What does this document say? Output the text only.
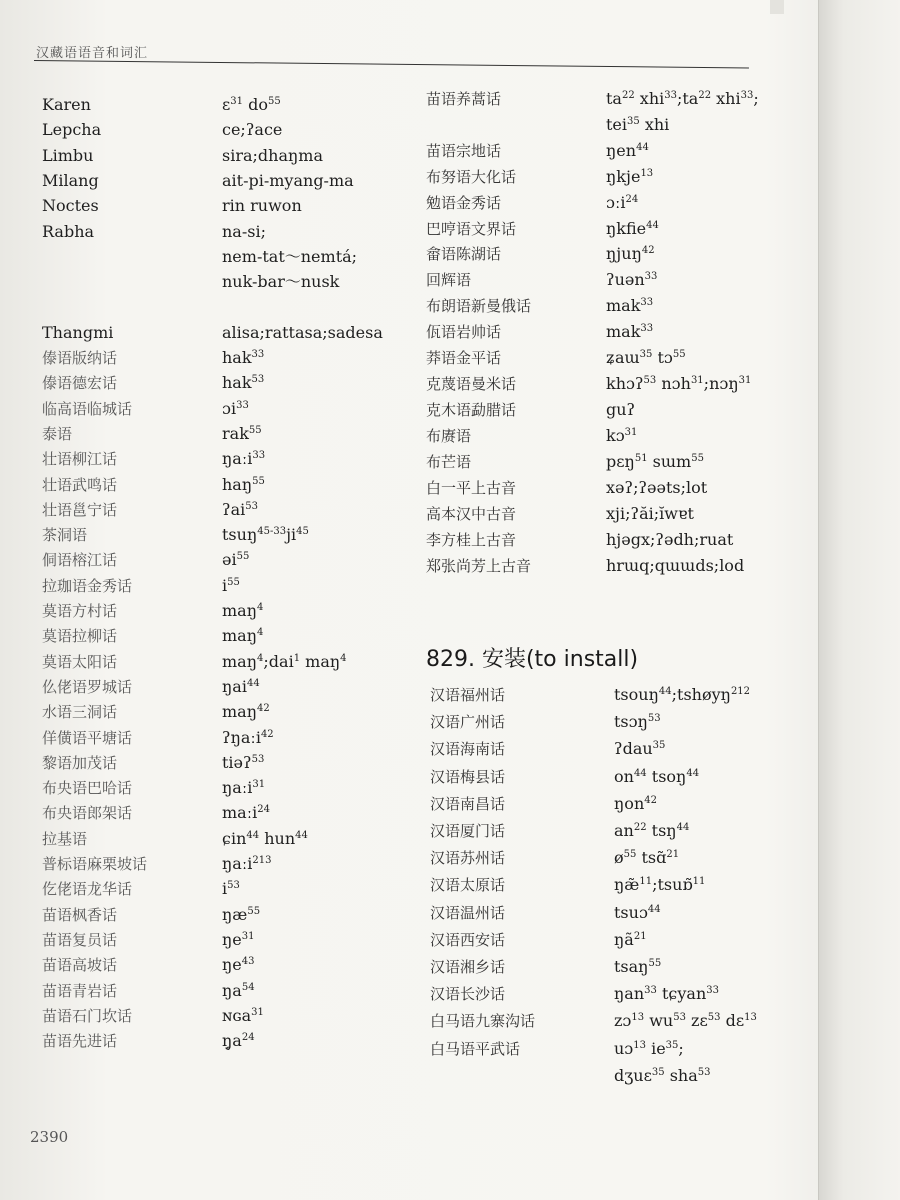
汉藏语语音和词汇
Karen	ɛ$^{31}$ $do^{55}$
Lepcha	ce;ʔace
Limbu	sira;dhaŋma
Milang	ait-pi-myang-ma
Noctes	rin ruwon
Rabha	na-si;
nem-tat～nemtá;
nuk-bar～nusk
Thangmi	alisa;rattasa;sadesa
傣语版纳话	hak$^{33}$
傣语德宏话	hak$^{53}$
临高语临城话	ɔi$^{33}$
泰语	rak$^{55}$
壮语柳江话	ŋaːi$^{33}$
壮语武鸣话	haŋ$^{55}$
壮语邕宁话	ʔai$^{53}$
茶洞语	$tsuŋ^{45-33}ji^{45}$
侗语榕江话	əi$^{55}$
拉珈语金秀话	$i^{55}$
莫语方村话	maŋ$^4$
莫语拉柳话	maŋ$^4$
莫语太阳话	maŋ$^4$;dai$^1$ maŋ$^4$
仫佬语罗城话	ŋai$^{44}$
水语三洞话	maŋ$^{42}$
佯僙语平塘话	ʔŋaːi$^{42}$
黎语加茂话	tiəʔ$^{53}$
布央语巴哈话	ŋaːi$^{31}$
布央语郎架话	maːi$^{24}$
拉基语	ɕin$^{44}$ hun$^{44}$
普标语麻栗坡话	ŋaːi$^{213}$
仡佬语龙华话	$i^{53}$
苗语枫香话	$ŋæ^{55}$
苗语复员话	$ŋe^{31}$
苗语高坡话	$ŋe^{43}$
苗语青岩话	$ŋa^{54}$
苗语石门坎话	ɴɢa$^{31}$
苗语先进话	$ŋ̥a^{24}$
苗语养蒿话	$ta^{22}$ $xhi^{33};ta^{22}$ xhi$^{33}$;
tei$^{35}$ xhi
苗语宗地话	ŋen$^{44}$
布努语大化话	ŋkje$^{13}$
勉语金秀话	ɔːi$^{24}$
巴哼语文界话	ŋkfie$^{44}$
畲语陈湖话	ŋjuŋ$^{42}$
回辉语	ʔuən$^{33}$
布朗语新曼俄话	mak$^{33}$
佤语岩帅话	mak$^{33}$
莽语金平话	ʑaɯ$^{35}$ tɔ$^{55}$
克蔑语曼米话	khɔʔ$^{53}$ nɔh$^{31}$;nɔŋ$^{31}$
克木语勐腊话	guʔ
布赓语	kɔ$^{31}$
布芒语	pɛŋ$^{51}$ sɯm$^{55}$
白一平上古音	xəʔ;ʔəəts;lot
高本汉中古音	xji;ʔăi;ĭwɐt
李方桂上古音	hjəgx;ʔədh;ruat
郑张尚芳上古音	hrɯq;qɯɯds;lod
829. 安装(to install)
汉语福州话	tsouŋ$^{44}$;tshøyŋ$^{212}$
汉语广州话	tsɔŋ$^{53}$
汉语海南话	ʔdau$^{35}$
汉语梅县话	$on^{44}$ tsoŋ$^{44}$
汉语南昌话	ŋon$^{42}$
汉语厦门话	$an^{22}$ tsŋ$^{44}$
汉语苏州话	$ø^{55}$ tsɑ̃$^{21}$
汉语太原话	ŋæ̃$^{11}$;tsuɒ̃$^{11}$
汉语温州话	tsuɔ$^{44}$
汉语西安话	$ŋã^{21}$
汉语湘乡话	tsaŋ$^{55}$
汉语长沙话	ŋan$^{33}$ tɕyan$^{33}$
白马语九寨沟话	zɔ$^{13}$ $wu^{53}$ zɛ$^{53}$ dɛ$^{13}$
白马语平武话	uɔ$^{13}$ $ie^{35}$;
dʒuɛ$^{35}$ sha$^{53}$
2390
